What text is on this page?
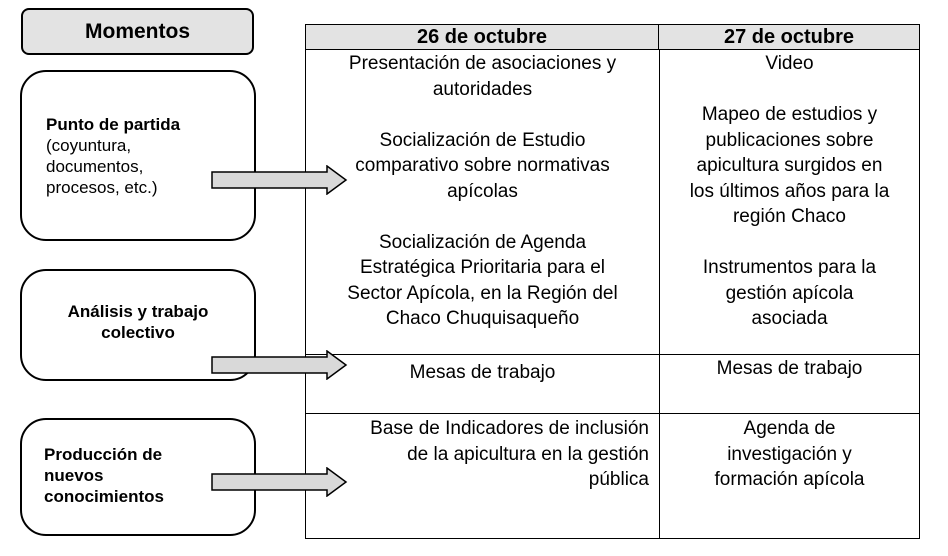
Momentos
Punto de partida
(coyuntura,
documentos,
procesos, etc.)
Análisis y trabajo
colectivo
Producción de
nuevos
conocimientos
26 de octubre	27 de octubre
Presentación de asociaciones y
autoridades
Socialización de Estudio
comparativo sobre normativas
apícolas
Socialización de Agenda
Estratégica Prioritaria para el
Sector Apícola, en la Región del
Chaco Chuquisaqueño
Video
Mapeo de estudios y
publicaciones sobre
apicultura surgidos en
los últimos años para la
región Chaco
Instrumentos para la
gestión apícola
asociada
Mesas de trabajo	Mesas de trabajo
Base de Indicadores de inclusión
de la apicultura en la gestión
pública
Agenda de
investigación y
formación apícola
